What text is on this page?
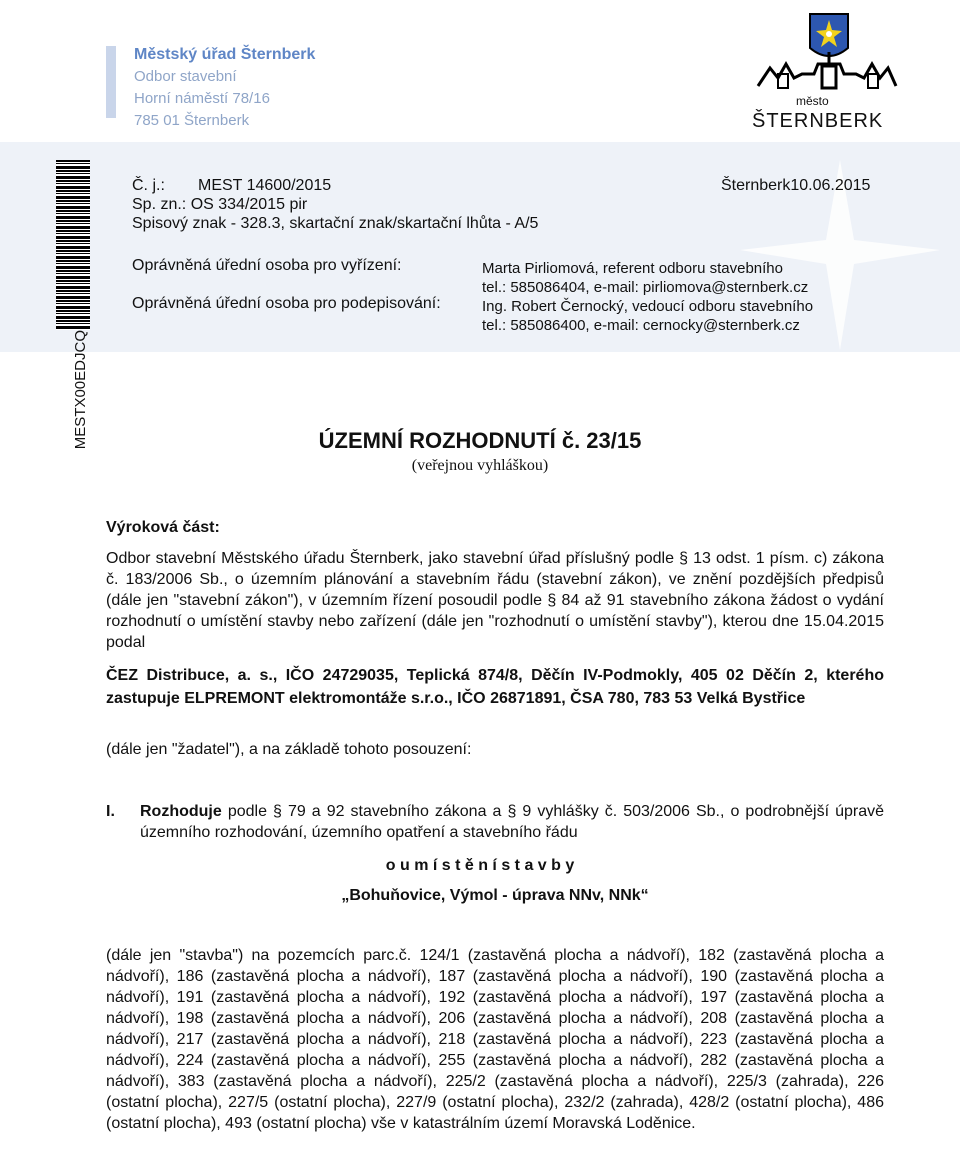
Městský úřad Šternberk
Odbor stavební
Horní náměstí 78/16
785 01 Šternberk
město
ŠTERNBERK
MESTX00EDJCQ
Č. j.: MEST 14600/2015	Šternberk10.06.2015
Sp. zn.: OS 334/2015 pir
Spisový znak - 328.3, skartační znak/skartační lhůta - A/5
Oprávněná úřední osoba pro vyřízení:	Marta Pirliomová, referent odboru stavebního
tel.: 585086404, e-mail: pirliomova@sternberk.cz
Oprávněná úřední osoba pro podepisování:	Ing. Robert Černocký, vedoucí odboru stavebního
tel.: 585086400, e-mail: cernocky@sternberk.cz
ÚZEMNÍ ROZHODNUTÍ č. 23/15
(veřejnou vyhláškou)
Výroková část:
Odbor stavební Městského úřadu Šternberk, jako stavební úřad příslušný podle § 13 odst. 1 písm. c) zákona č. 183/2006 Sb., o územním plánování a stavebním řádu (stavební zákon), ve znění pozdějších předpisů (dále jen "stavební zákon"), v územním řízení posoudil podle § 84 až 91 stavebního zákona žádost o vydání rozhodnutí o umístění stavby nebo zařízení (dále jen "rozhodnutí o umístění stavby"), kterou dne 15.04.2015 podal
ČEZ Distribuce, a. s., IČO 24729035, Teplická 874/8, Děčín IV-Podmokly, 405 02 Děčín 2, kterého zastupuje ELPREMONT elektromontáže s.r.o., IČO 26871891, ČSA 780, 783 53 Velká Bystřice
(dále jen "žadatel"), a na základě tohoto posouzení:
I. Rozhoduje podle § 79 a 92 stavebního zákona a § 9 vyhlášky č. 503/2006 Sb., o podrobnější úpravě územního rozhodování, územního opatření a stavebního řádu
o u m í s t ě n í s t a v b y
„Bohuňovice, Výmol - úprava NNv, NNk“
(dále jen "stavba") na pozemcích parc.č. 124/1 (zastavěná plocha a nádvoří), 182 (zastavěná plocha a nádvoří), 186 (zastavěná plocha a nádvoří), 187 (zastavěná plocha a nádvoří), 190 (zastavěná plocha a nádvoří), 191 (zastavěná plocha a nádvoří), 192 (zastavěná plocha a nádvoří), 197 (zastavěná plocha a nádvoří), 198 (zastavěná plocha a nádvoří), 206 (zastavěná plocha a nádvoří), 208 (zastavěná plocha a nádvoří), 217 (zastavěná plocha a nádvoří), 218 (zastavěná plocha a nádvoří), 223 (zastavěná plocha a nádvoří), 224 (zastavěná plocha a nádvoří), 255 (zastavěná plocha a nádvoří), 282 (zastavěná plocha a nádvoří), 383 (zastavěná plocha a nádvoří), 225/2 (zastavěná plocha a nádvoří), 225/3 (zahrada), 226 (ostatní plocha), 227/5 (ostatní plocha), 227/9 (ostatní plocha), 232/2 (zahrada), 428/2 (ostatní plocha), 486 (ostatní plocha), 493 (ostatní plocha) vše v katastrálním území Moravská Loděnice.
